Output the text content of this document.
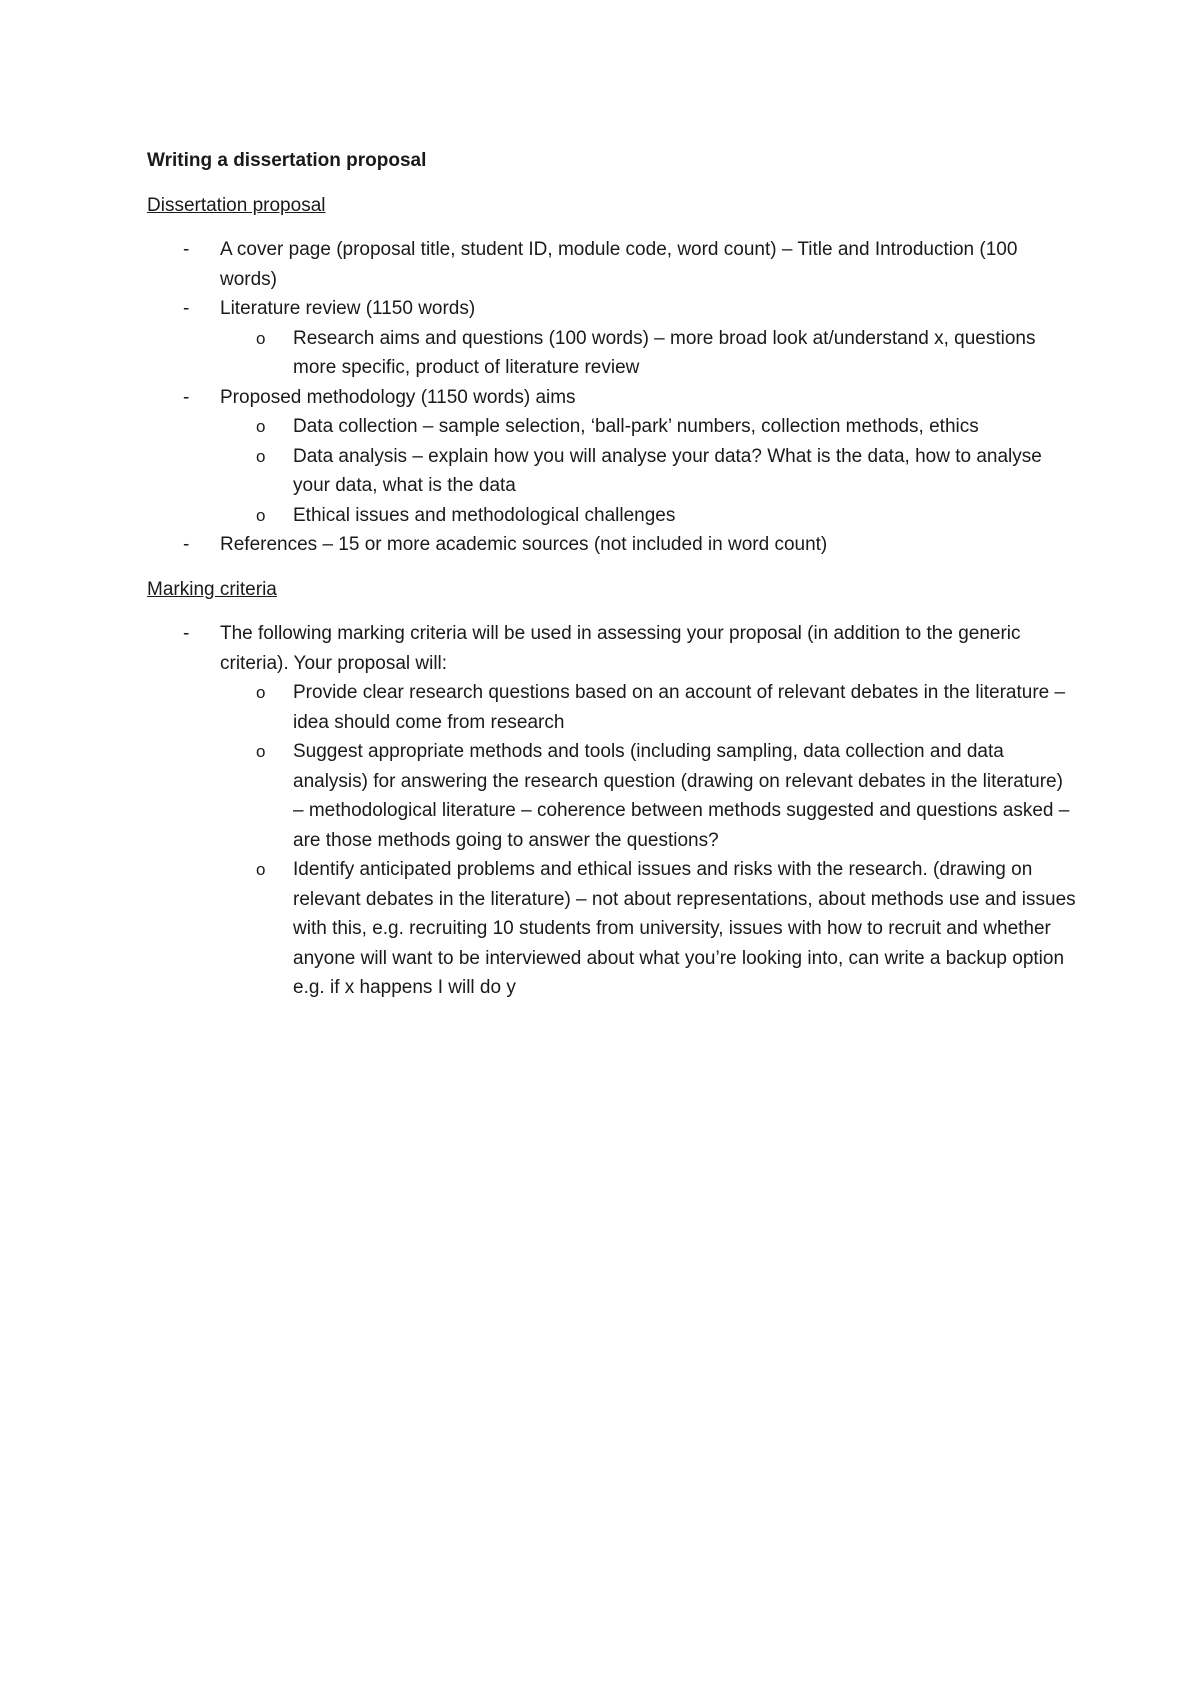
Writing a dissertation proposal

Dissertation proposal

- A cover page (proposal title, student ID, module code, word count) – Title and Introduction (100 words)
- Literature review (1150 words)
o Research aims and questions (100 words) – more broad look at/understand x, questions more specific, product of literature review
- Proposed methodology (1150 words) aims
o Data collection – sample selection, ‘ball-park’ numbers, collection methods, ethics
o Data analysis – explain how you will analyse your data? What is the data, how to analyse your data, what is the data
o Ethical issues and methodological challenges
- References – 15 or more academic sources (not included in word count)

Marking criteria

- The following marking criteria will be used in assessing your proposal (in addition to the generic criteria). Your proposal will:
o Provide clear research questions based on an account of relevant debates in the literature – idea should come from research
o Suggest appropriate methods and tools (including sampling, data collection and data analysis) for answering the research question (drawing on relevant debates in the literature) – methodological literature – coherence between methods suggested and questions asked – are those methods going to answer the questions?
o Identify anticipated problems and ethical issues and risks with the research. (drawing on relevant debates in the literature) – not about representations, about methods use and issues with this, e.g. recruiting 10 students from university, issues with how to recruit and whether anyone will want to be interviewed about what you’re looking into, can write a backup option e.g. if x happens I will do y
